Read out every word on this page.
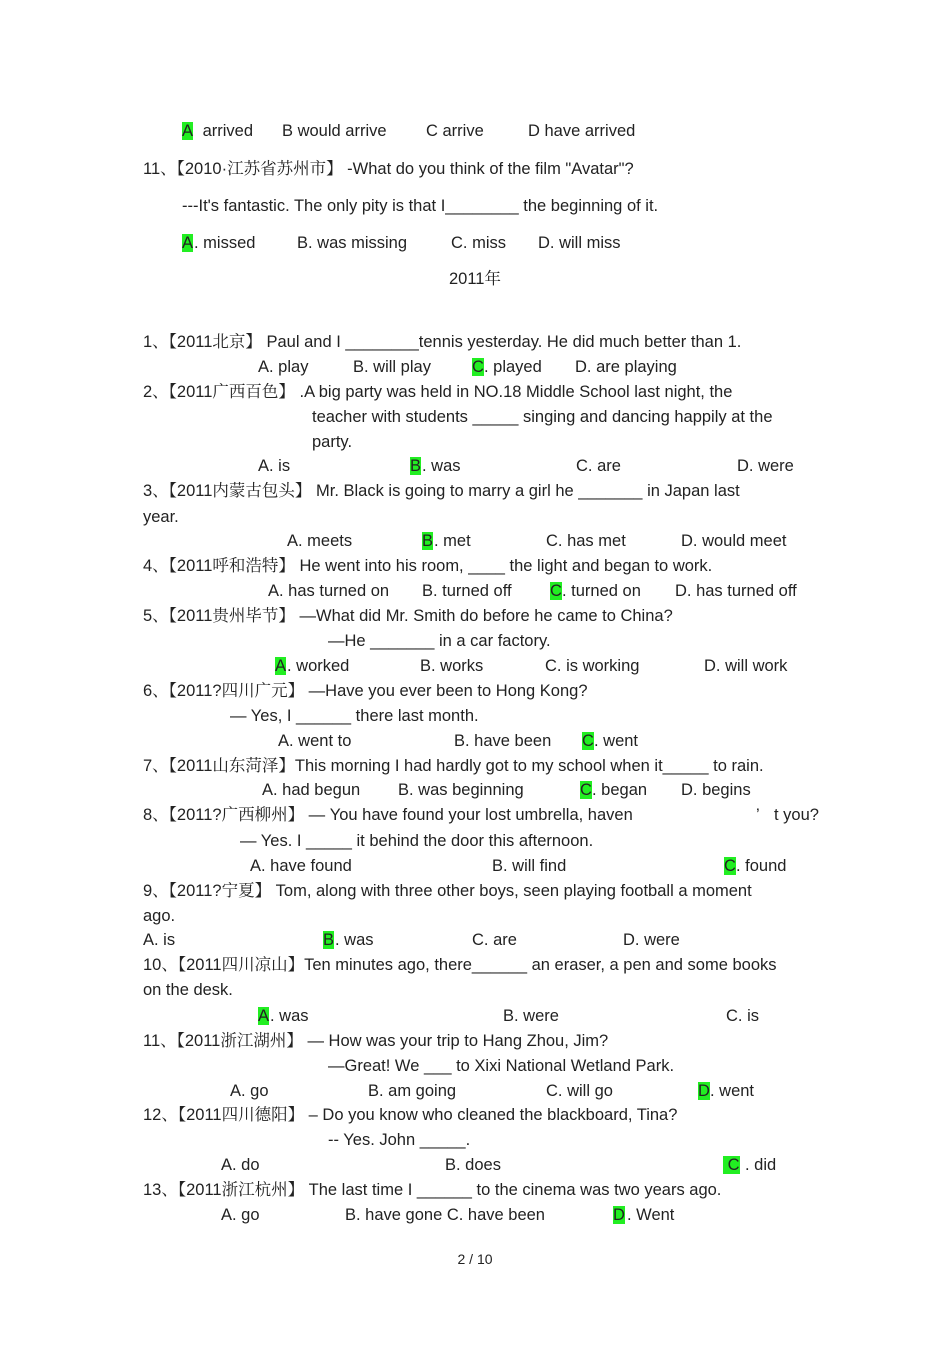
A arrived B would arrive C arrive	D have arrived
11、【2010·江苏省苏州市】 -What do you think of the film "Avatar"?
---It's fantastic. The only pity is that I________ the beginning of it.
A . missed	B. was missing	C. miss D. will miss
1、【2011北京】 Paul and I ________tennis yesterday. He did much better than 1.
A. play	B. will play C . played D. are playing
2、【2011广西百色】 .A big party was held in NO.18 Middle School last night, the
teacher with students _____ singing and dancing happily at the
party.
A. is	B . was	C. are	D. were
3、【2011内蒙古包头】 Mr. Black is going to marry a girl he _______ in Japan last
year.
A. meets	B . met	C. has met	D. would meet
4、【2011呼和浩特】 He went into his room, ____ the light and began to work.
A. has turned on B. turned off C . turned on D. has turned off
5、【2011贵州毕节】 —What did Mr. Smith do before he came to China?
—He _______ in a car factory.
A . worked	B. works	C. is working	D. will work
6、【2011?四川广元】 —Have you ever been to Hong Kong?
— Yes, I ______ there last month.
A. went to	B. have been C . went
7、【2011山东菏泽】This morning I had hardly got to my school when it_____ to rain.
A. had begun B. was beginning	C . began D. begins
8、【2011?广西柳州】 — You have found your lost umbrella, haven	’ t you?
— Yes. I _____ it behind the door this afternoon.
A. have found	B. will find	C . found
9、【2011?宁夏】 Tom, along with three other boys, seen playing football a moment
ago.
A. is	B . was	C. are	D. were
10、【2011四川凉山】Ten minutes ago, there______ an eraser, a pen and some books
on the desk.
A . was	B. were	C. is
11、【2011浙江湖州】 — How was your trip to Hang Zhou, Jim?
—Great! We ___ to Xixi National Wetland Park.
A. go	B. am going	C. will go	D . went
12、【2011四川德阳】 – Do you know who cleaned the blackboard, Tina?
-- Yes. John _____.
A. do	B. does	C . did
13、【2011浙江杭州】 The last time I ______ to the cinema was two years ago.
A. go	B. have gone C. have been	D . Went
2011年
2 / 10
